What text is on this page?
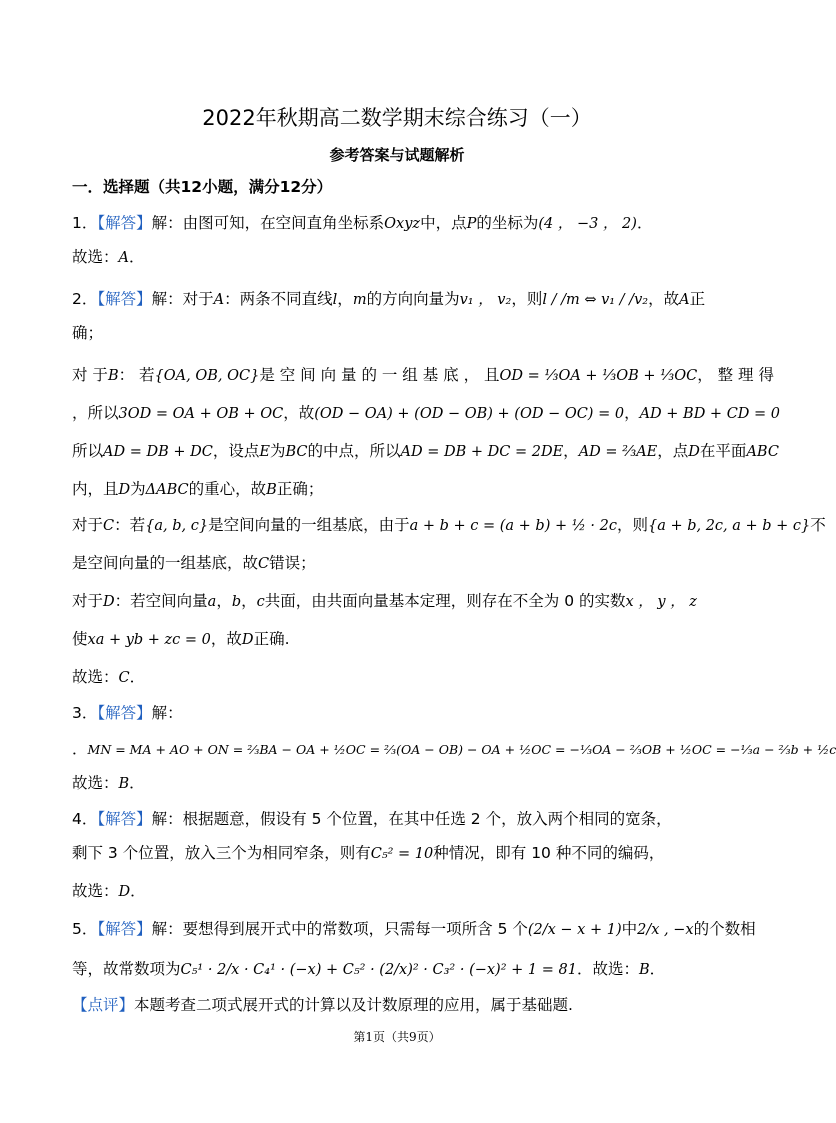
2022年秋期高二数学期末综合练习（一）
参考答案与试题解析
一．选择题（共12小题，满分12分）
1．【解答】解：由图可知，在空间直角坐标系Oxyz中，点P的坐标为(4 ， −3 ， 2)．
故选：A．
2．【解答】解：对于A：两条不同直线l，m的方向向量为v₁ ， v₂，则l / /m ⇔ v₁ / /v₂，故A正
确；
对 于B： 若{OA, OB, OC}是 空 间 向 量 的 一 组 基 底 ， 且OD = ⅓OA + ⅓OB + ⅓OC， 整 理 得
，所以3OD = OA + OB + OC，故(OD − OA) + (OD − OB) + (OD − OC) = 0，AD + BD + CD = 0
所以AD = DB + DC，设点E为BC的中点，所以AD = DB + DC = 2DE，AD = ⅔AE，点D在平面ABC
内，且D为ΔABC的重心，故B正确；
对于C：若{a, b, c}是空间向量的一组基底，由于a + b + c = (a + b) + ½ · 2c，则{a + b, 2c, a + b + c}不
是空间向量的一组基底，故C错误；
对于D：若空间向量a，b，c共面，由共面向量基本定理，则存在不全为 0 的实数x ， y ， z
使xa + yb + zc = 0，故D正确.
故选：C．
3．【解答】解：
．MN = MA + AO + ON = ⅔BA − OA + ½OC = ⅔(OA − OB) − OA + ½OC = −⅓OA − ⅔OB + ½OC = −⅓a − ⅔b + ½c
故选：B．
4．【解答】解：根据题意，假设有 5 个位置，在其中任选 2 个，放入两个相同的宽条，
剩下 3 个位置，放入三个为相同窄条，则有C₅² = 10种情况，即有 10 种不同的编码，
故选：D．
5．【解答】解：要想得到展开式中的常数项，只需每一项所含 5 个(2/x − x + 1)中2/x , −x的个数相
等，故常数项为C₅¹ · 2/x · C₄¹ · (−x) + C₅² · (2/x)² · C₃² · (−x)² + 1 = 81．故选：B．
【点评】本题考查二项式展开式的计算以及计数原理的应用，属于基础题.
第1页（共9页）
